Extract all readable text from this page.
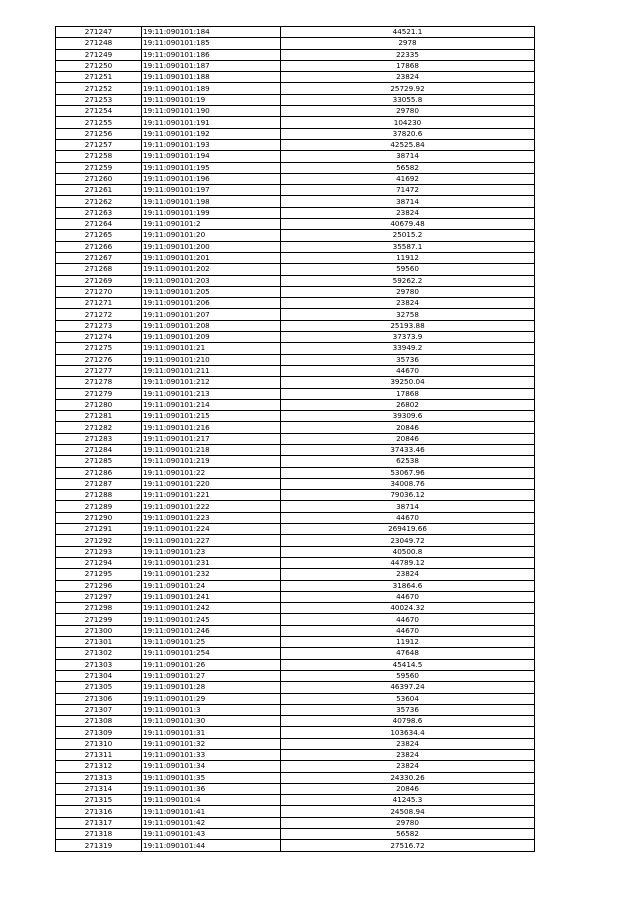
271247	19:11:090101:184	44521.1
271248	19:11:090101:185	2978
271249	19:11:090101:186	22335
271250	19:11:090101:187	17868
271251	19:11:090101:188	23824
271252	19:11:090101:189	25729.92
271253	19:11:090101:19	33055.8
271254	19:11:090101:190	29780
271255	19:11:090101:191	104230
271256	19:11:090101:192	37820.6
271257	19:11:090101:193	42525.84
271258	19:11:090101:194	38714
271259	19:11:090101:195	56582
271260	19:11:090101:196	41692
271261	19:11:090101:197	71472
271262	19:11:090101:198	38714
271263	19:11:090101:199	23824
271264	19:11:090101:2	40679.48
271265	19:11:090101:20	25015.2
271266	19:11:090101:200	35587.1
271267	19:11:090101:201	11912
271268	19:11:090101:202	59560
271269	19:11:090101:203	59262.2
271270	19:11:090101:205	29780
271271	19:11:090101:206	23824
271272	19:11:090101:207	32758
271273	19:11:090101:208	25193.88
271274	19:11:090101:209	37373.9
271275	19:11:090101:21	33949.2
271276	19:11:090101:210	35736
271277	19:11:090101:211	44670
271278	19:11:090101:212	39250.04
271279	19:11:090101:213	17868
271280	19:11:090101:214	26802
271281	19:11:090101:215	39309.6
271282	19:11:090101:216	20846
271283	19:11:090101:217	20846
271284	19:11:090101:218	37433.46
271285	19:11:090101:219	62538
271286	19:11:090101:22	53067.96
271287	19:11:090101:220	34008.76
271288	19:11:090101:221	79036.12
271289	19:11:090101:222	38714
271290	19:11:090101:223	44670
271291	19:11:090101:224	269419.66
271292	19:11:090101:227	23049.72
271293	19:11:090101:23	40500.8
271294	19:11:090101:231	44789.12
271295	19:11:090101:232	23824
271296	19:11:090101:24	31864.6
271297	19:11:090101:241	44670
271298	19:11:090101:242	40024.32
271299	19:11:090101:245	44670
271300	19:11:090101:246	44670
271301	19:11:090101:25	11912
271302	19:11:090101:254	47648
271303	19:11:090101:26	45414.5
271304	19:11:090101:27	59560
271305	19:11:090101:28	46397.24
271306	19:11:090101:29	53604
271307	19:11:090101:3	35736
271308	19:11:090101:30	40798.6
271309	19:11:090101:31	103634.4
271310	19:11:090101:32	23824
271311	19:11:090101:33	23824
271312	19:11:090101:34	23824
271313	19:11:090101:35	24330.26
271314	19:11:090101:36	20846
271315	19:11:090101:4	41245.3
271316	19:11:090101:41	24508.94
271317	19:11:090101:42	29780
271318	19:11:090101:43	56582
271319	19:11:090101:44	27516.72
